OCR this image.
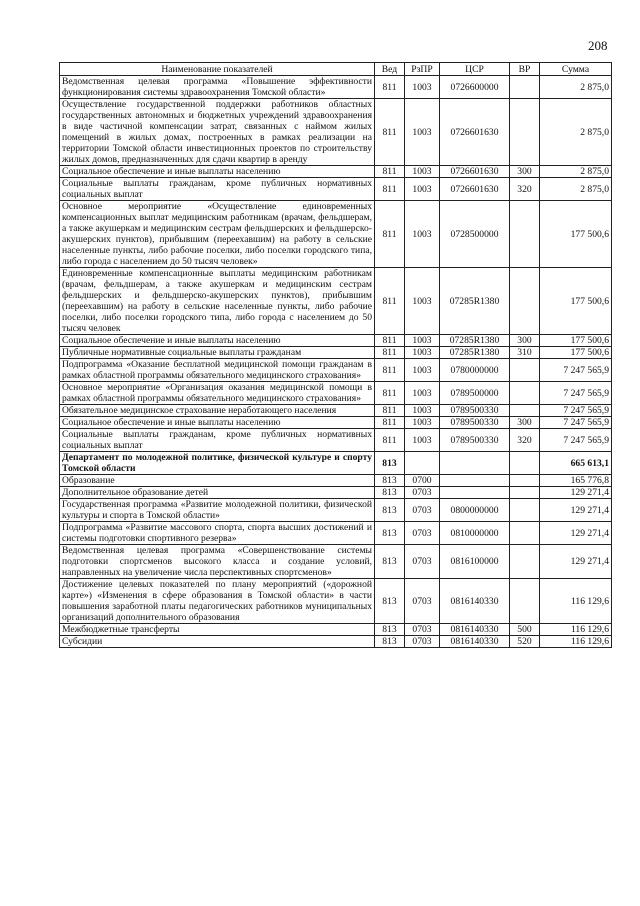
208
Наименование показателей	Вед	РзПР	ЦСР	ВР	Сумма
Ведомственная целевая программа «Повышение эффективности функционирования системы здравоохранения Томской области»	811	1003	0726600000		2 875,0
Осуществление государственной поддержки работников областных государственных автономных и бюджетных учреждений здравоохранения в виде частичной компенсации затрат, связанных с наймом жилых помещений в жилых домах, построенных в рамках реализации на территории Томской области инвестиционных проектов по строительству жилых домов, предназначенных для сдачи квартир в аренду	811	1003	0726601630		2 875,0
Социальное обеспечение и иные выплаты населению	811	1003	0726601630	300	2 875,0
Социальные выплаты гражданам, кроме публичных нормативных социальных выплат	811	1003	0726601630	320	2 875,0
Основное мероприятие «Осуществление единовременных компенсационных выплат медицинским работникам (врачам, фельдшерам, а также акушеркам и медицинским сестрам фельдшерских и фельдшерско-акушерских пунктов), прибывшим (переехавшим) на работу в сельские населенные пункты, либо рабочие поселки, либо поселки городского типа, либо города с населением до 50 тысяч человек»	811	1003	0728500000		177 500,6
Единовременные компенсационные выплаты медицинским работникам (врачам, фельдшерам, а также акушеркам и медицинским сестрам фельдшерских и фельдшерско-акушерских пунктов), прибывшим (переехавшим) на работу в сельские населенные пункты, либо рабочие поселки, либо поселки городского типа, либо города с населением до 50 тысяч человек	811	1003	07285R1380		177 500,6
Социальное обеспечение и иные выплаты населению	811	1003	07285R1380	300	177 500,6
Публичные нормативные социальные выплаты гражданам	811	1003	07285R1380	310	177 500,6
Подпрограмма «Оказание бесплатной медицинской помощи гражданам в рамках областной программы обязательного медицинского страхования»	811	1003	0780000000		7 247 565,9
Основное мероприятие «Организация оказания медицинской помощи в рамках областной программы обязательного медицинского страхования»	811	1003	0789500000		7 247 565,9
Обязательное медицинское страхование неработающего населения	811	1003	0789500330		7 247 565,9
Социальное обеспечение и иные выплаты населению	811	1003	0789500330	300	7 247 565,9
Социальные выплаты гражданам, кроме публичных нормативных социальных выплат	811	1003	0789500330	320	7 247 565,9
Департамент по молодежной политике, физической культуре и спорту Томской области	813				665 613,1
Образование	813	0700			165 776,8
Дополнительное образование детей	813	0703			129 271,4
Государственная программа «Развитие молодежной политики, физической культуры и спорта в Томской области»	813	0703	0800000000		129 271,4
Подпрограмма «Развитие массового спорта, спорта высших достижений и системы подготовки спортивного резерва»	813	0703	0810000000		129 271,4
Ведомственная целевая программа «Совершенствование системы подготовки спортсменов высокого класса и создание условий, направленных на увеличение числа перспективных спортсменов»	813	0703	0816100000		129 271,4
Достижение целевых показателей по плану мероприятий («дорожной карте») «Изменения в сфере образования в Томской области» в части повышения заработной платы педагогических работников муниципальных организаций дополнительного образования	813	0703	0816140330		116 129,6
Межбюджетные трансферты	813	0703	0816140330	500	116 129,6
Субсидии	813	0703	0816140330	520	116 129,6
